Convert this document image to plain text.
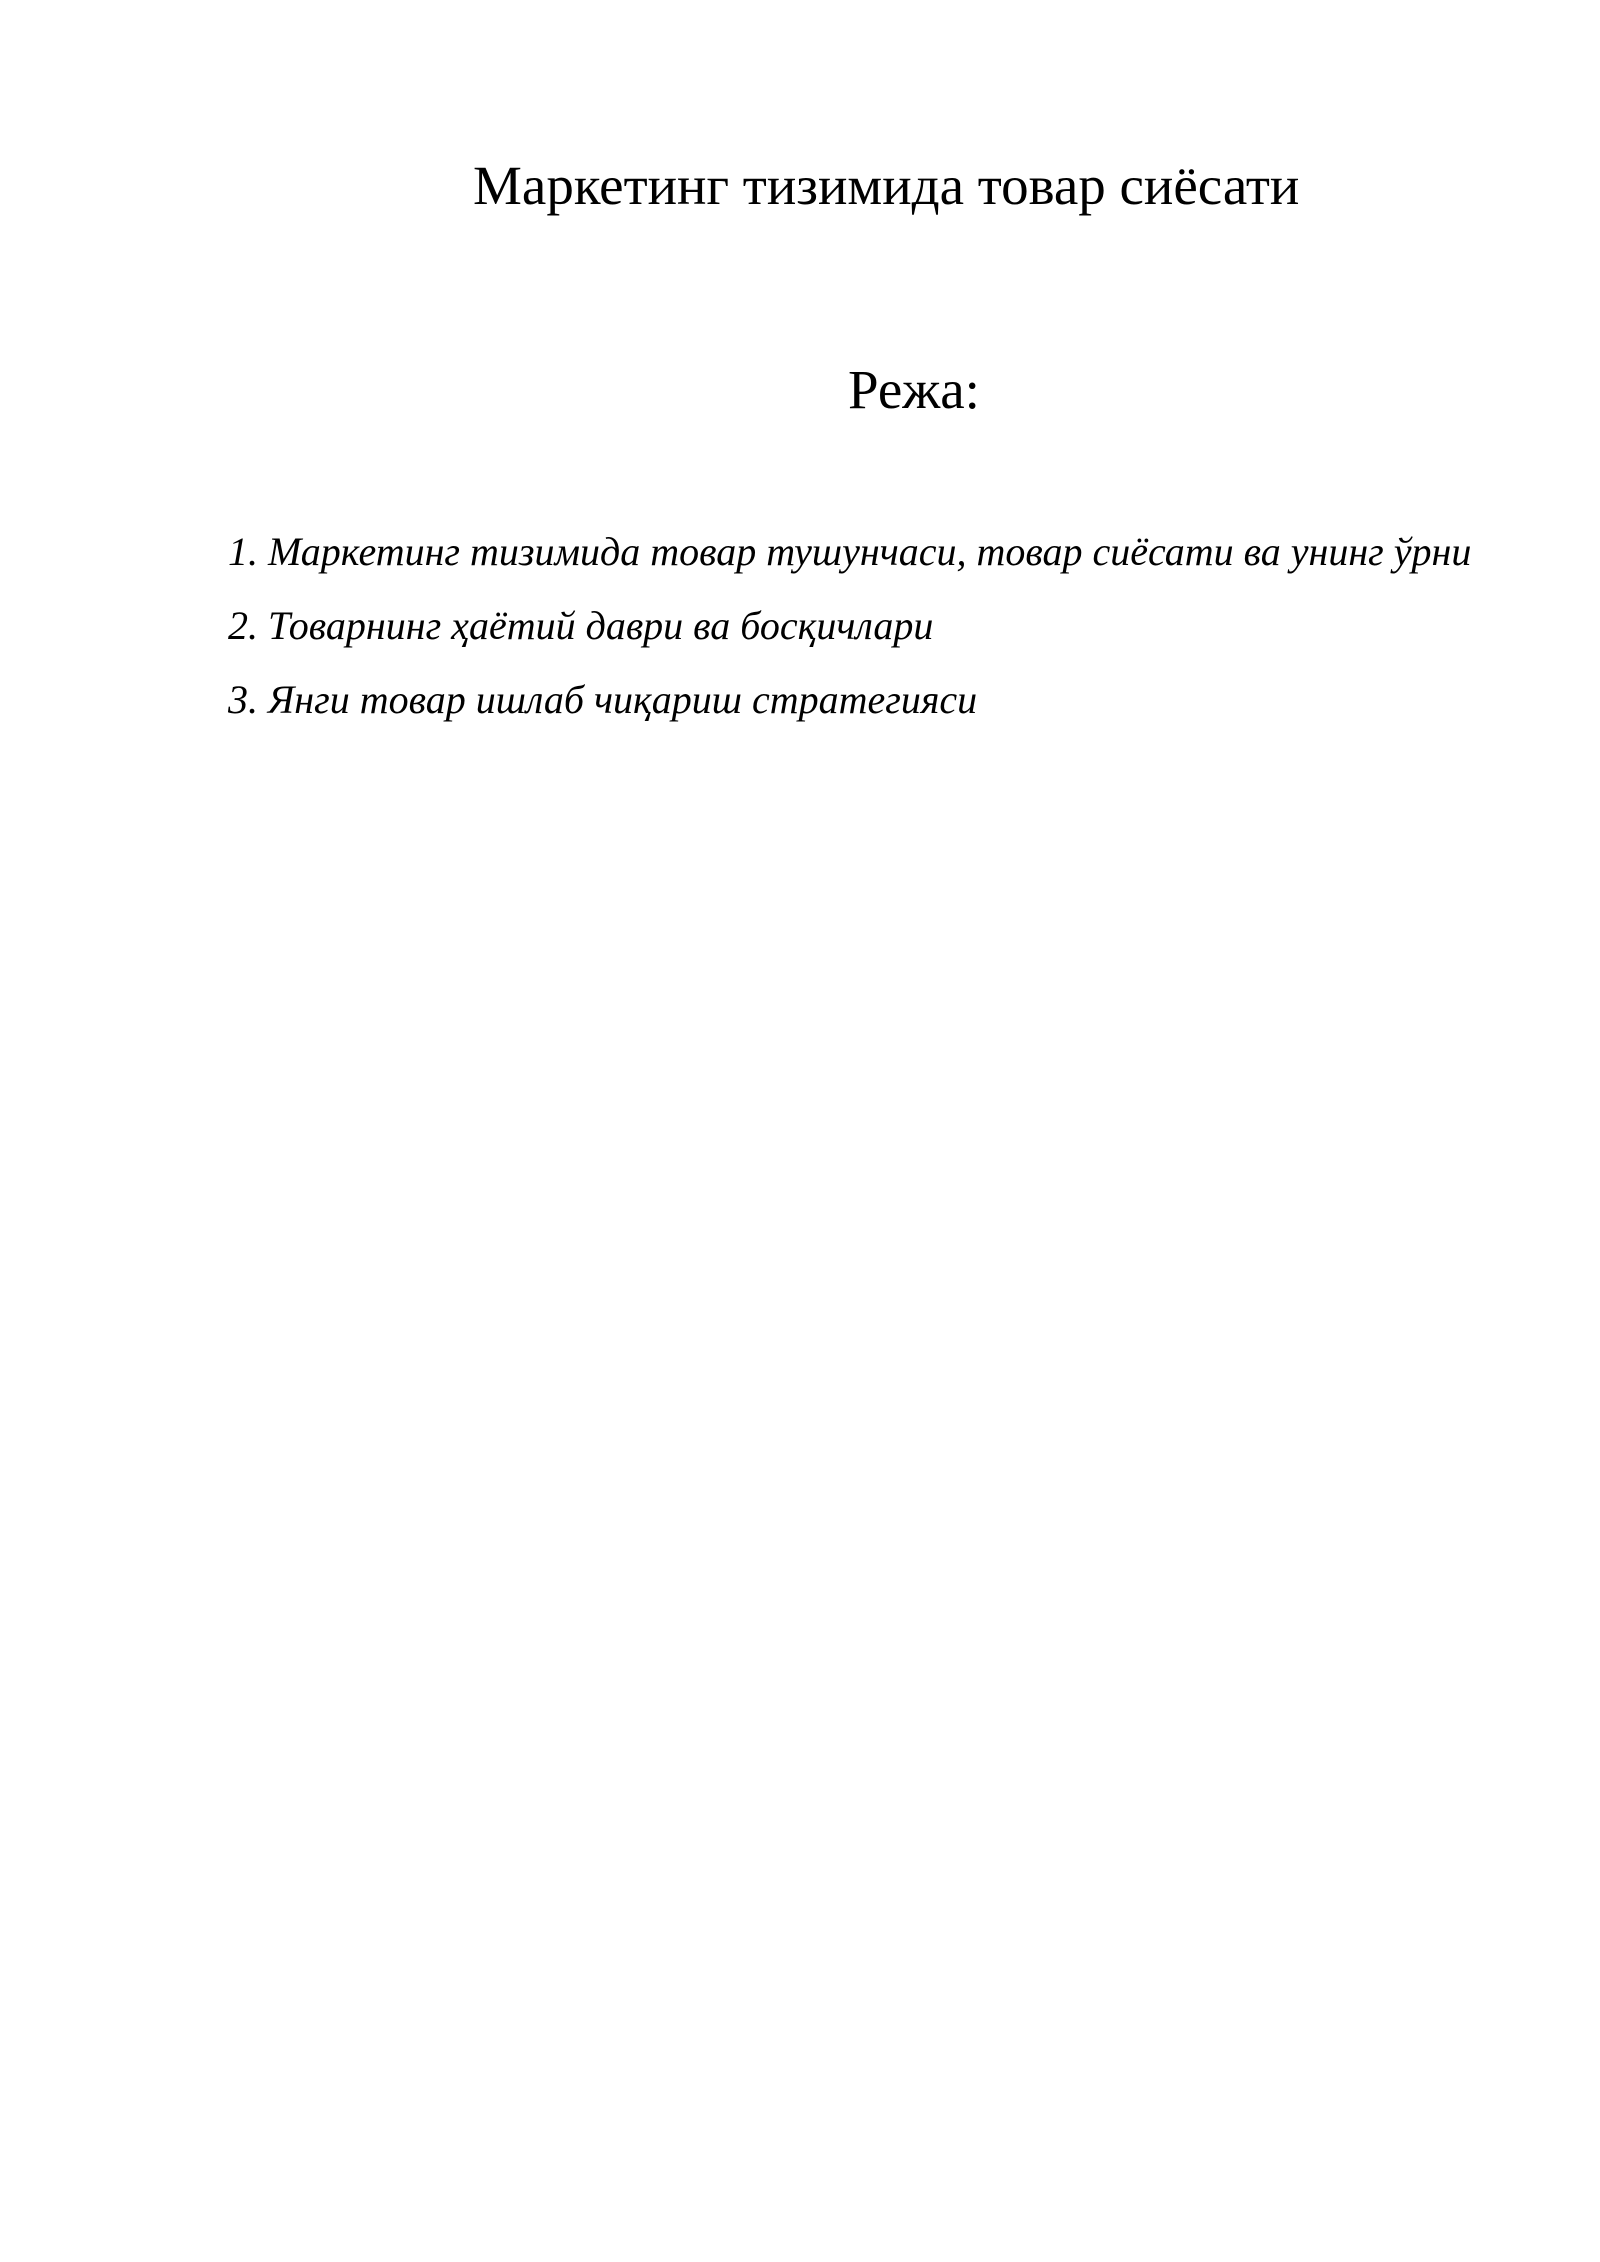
Маркетинг тизимида товар сиёсати
Режа:
1. Маркетинг тизимида товар тушунчаси, товар сиёсати ва унинг ўрни
2. Товарнинг ҳаётий даври ва босқичлари
3. Янги товар ишлаб чиқариш стратегияси
